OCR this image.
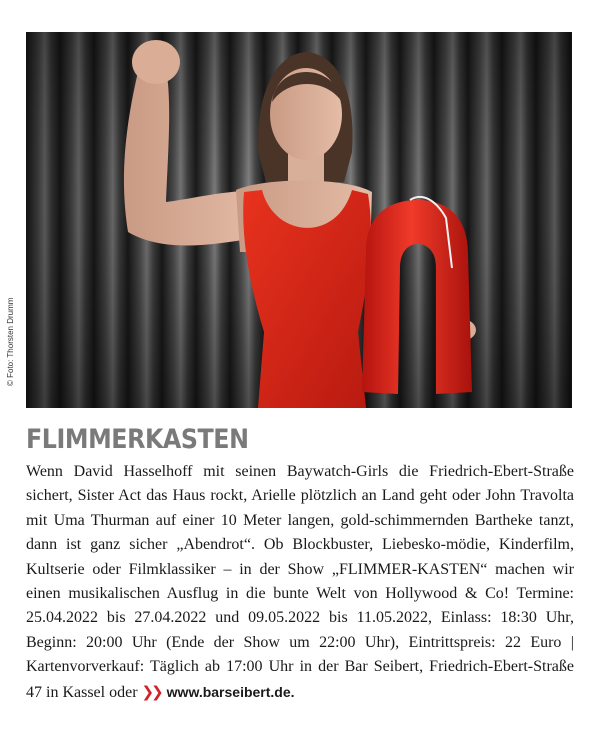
© Foto: Thorsten Drumm
FLIMMERKASTEN

Wenn David Hasselhoff mit seinen Baywatch-Girls die Friedrich-Ebert-Straße sichert, Sister Act das Haus rockt, Arielle plötzlich an Land geht oder John Travolta mit Uma Thurman auf einer 10 Meter langen, gold-schimmernden Bartheke tanzt, dann ist ganz sicher „Abendrot“. Ob Blockbuster, Liebesko-mödie, Kinderfilm, Kultserie oder Filmklassiker – in der Show „FLIMMER-KASTEN“ machen wir einen musikalischen Ausflug in die bunte Welt von Hollywood & Co! Termine: 25.04.2022 bis 27.04.2022 und 09.05.2022 bis 11.05.2022, Einlass: 18:30 Uhr, Beginn: 20:00 Uhr (Ende der Show um 22:00 Uhr), Eintrittspreis: 22 Euro | Kartenvorverkauf: Täglich ab 17:00 Uhr in der Bar Seibert, Friedrich-Ebert-Straße 47 in Kassel oder ❯❯ www.barseibert.de.
